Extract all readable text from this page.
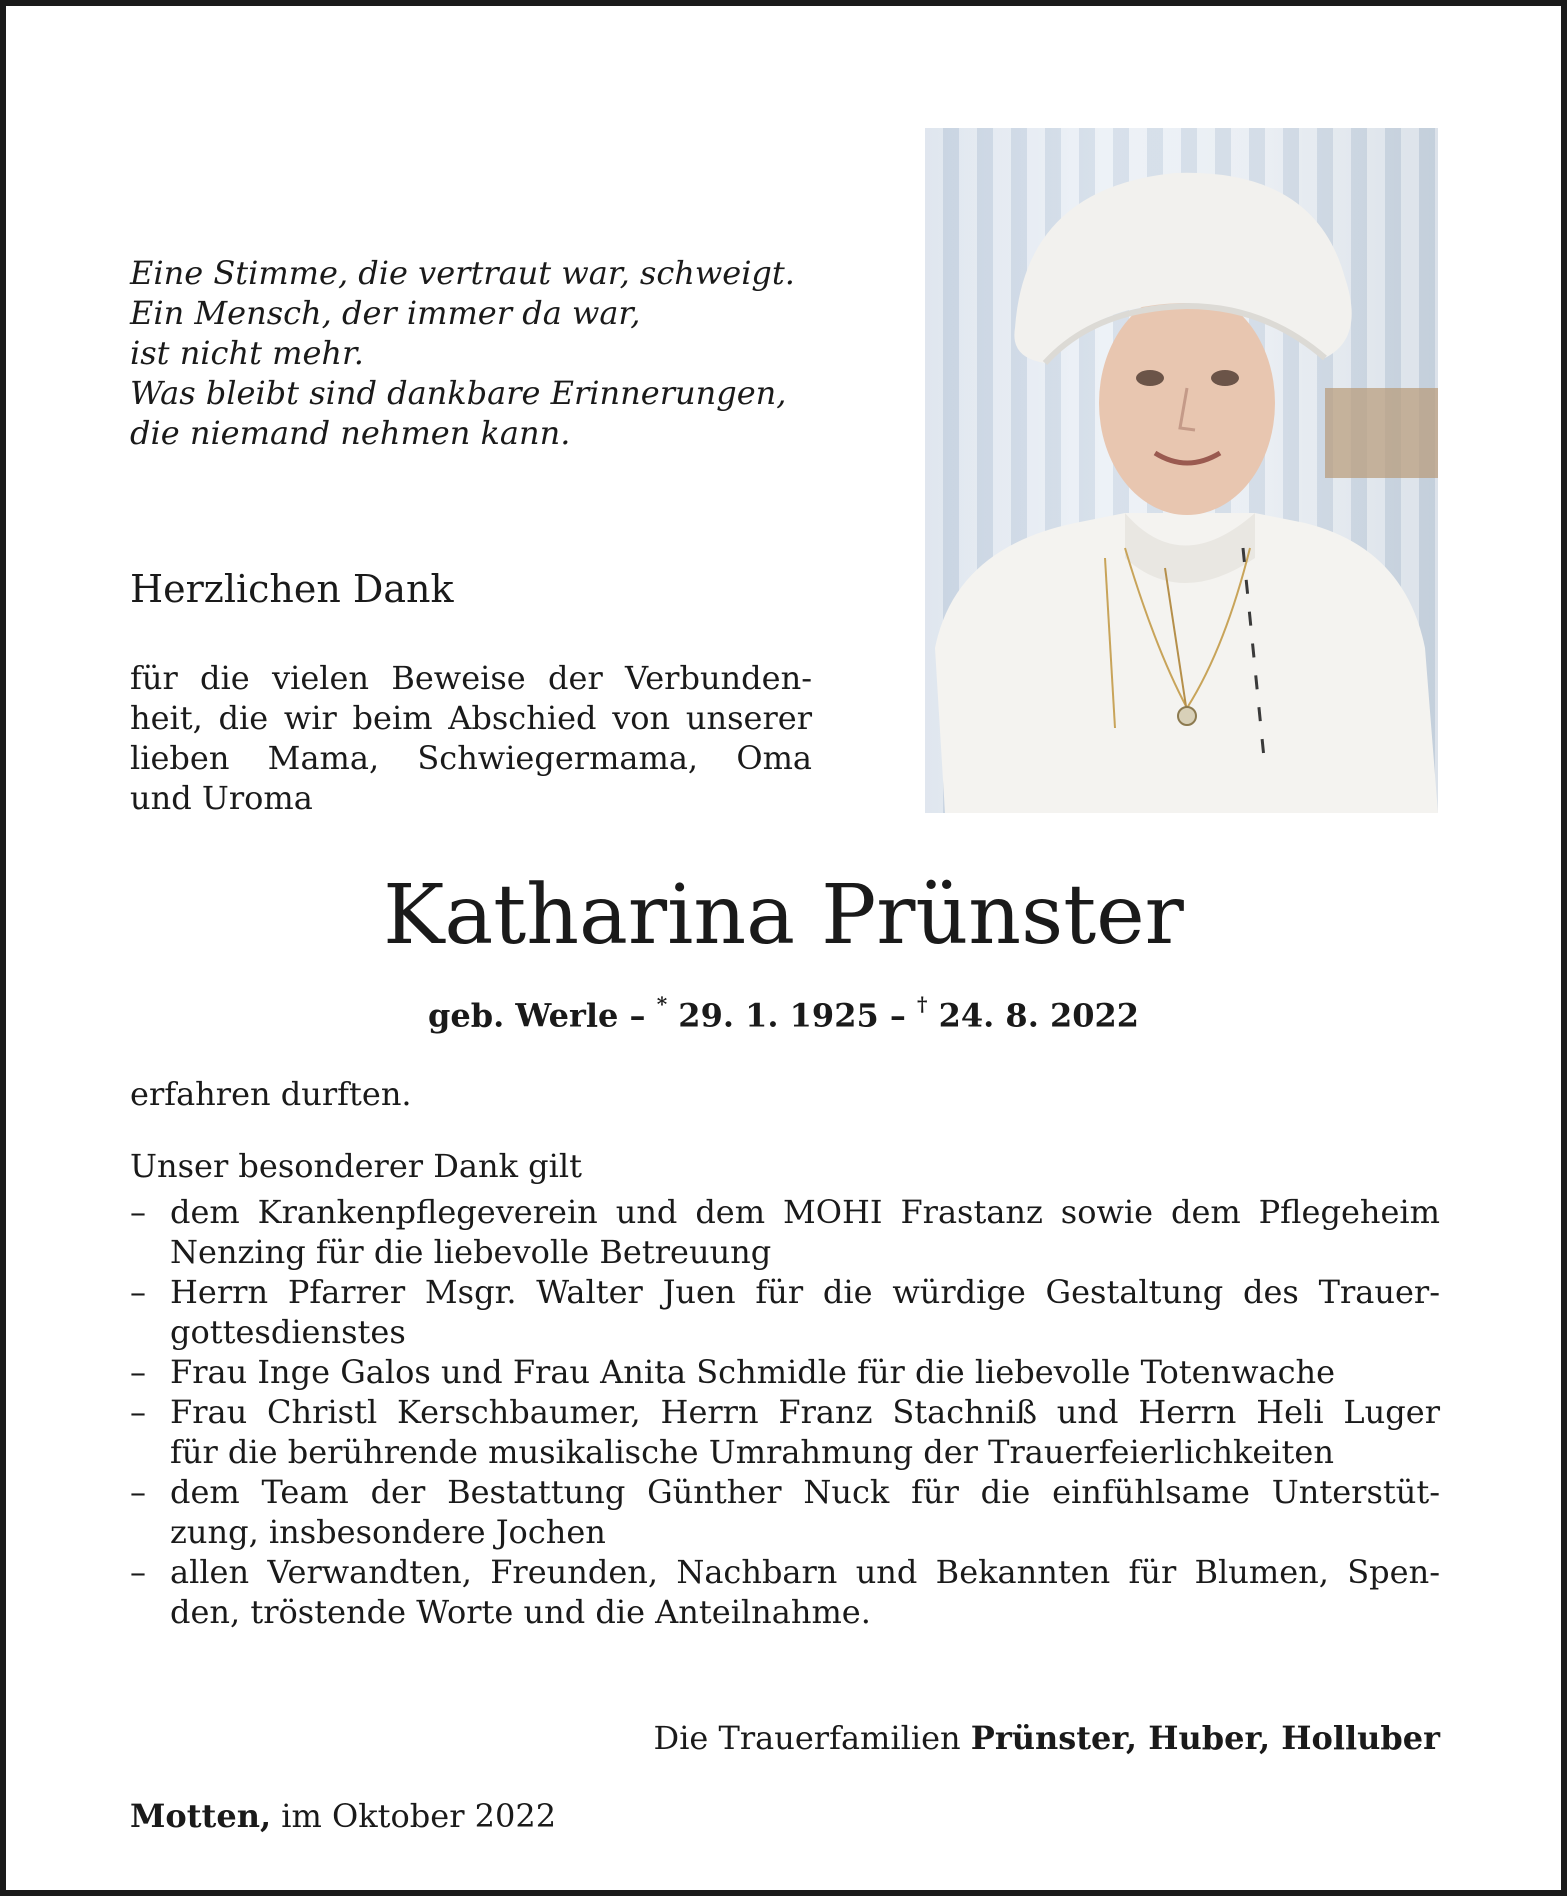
Eine Stimme, die vertraut war, schweigt.
Ein Mensch, der immer da war,
ist nicht mehr.
Was bleibt sind dankbare Erinnerungen,
die niemand nehmen kann.
Herzlichen Dank
für die vielen Beweise der Verbunden-
heit, die wir beim Abschied von unserer
lieben Mama, Schwiegermama, Oma
und Uroma
Katharina Prünster
geb. Werle – * 29. 1. 1925 – † 24. 8. 2022
erfahren durften.
Unser besonderer Dank gilt
– dem Krankenpflegeverein und dem MOHI Frastanz sowie dem Pflegeheim
Nenzing für die liebevolle Betreuung
– Herrn Pfarrer Msgr. Walter Juen für die würdige Gestaltung des Trauer-
gottesdienstes
– Frau Inge Galos und Frau Anita Schmidle für die liebevolle Totenwache
– Frau Christl Kerschbaumer, Herrn Franz Stachniß und Herrn Heli Luger
für die berührende musikalische Umrahmung der Trauerfeierlichkeiten
– dem Team der Bestattung Günther Nuck für die einfühlsame Unterstüt-
zung, insbesondere Jochen
– allen Verwandten, Freunden, Nachbarn und Bekannten für Blumen, Spen-
den, tröstende Worte und die Anteilnahme.
Die Trauerfamilien Prünster, Huber, Holluber
Motten, im Oktober 2022
